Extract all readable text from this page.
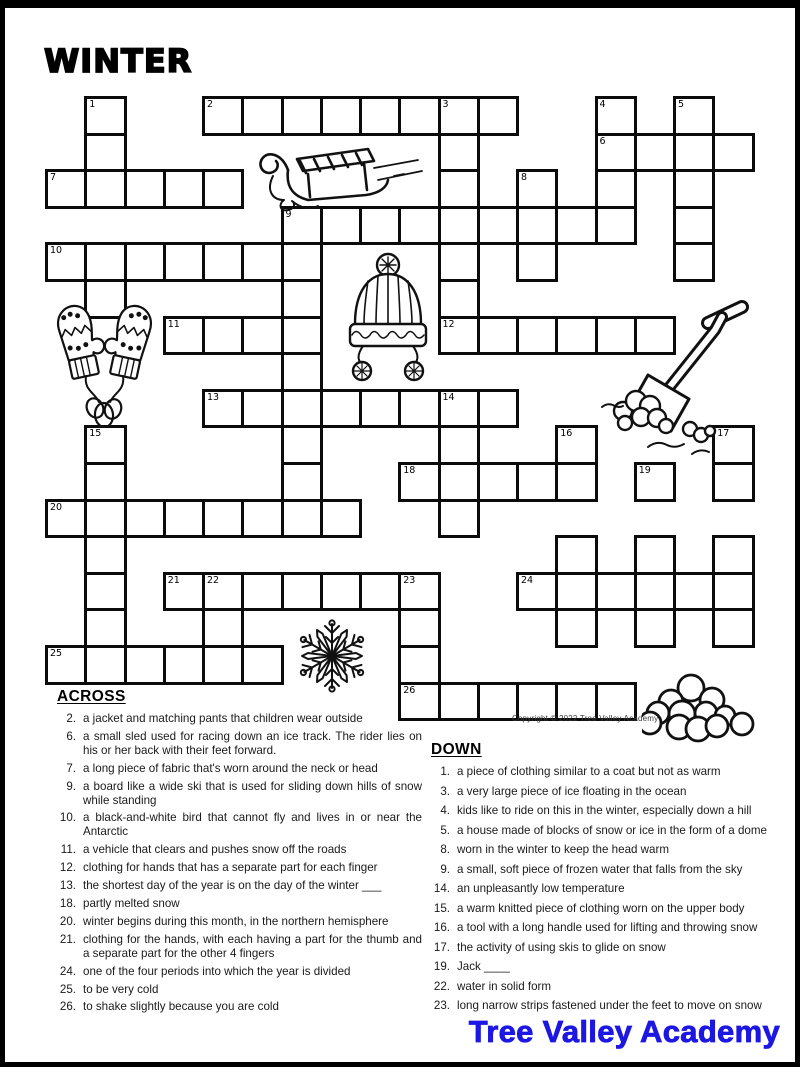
WINTER
1	2	3	4	5
6
7	8
9
10
11	12
13	14
15	16	17
18	19
20
21	22	23	24
25
26
ACROSS
2. a jacket and matching pants that children wear outside
6. a small sled used for racing down an ice track. The rider lies on his or her back with their feet forward.
7. a long piece of fabric that's worn around the neck or head
9. a board like a wide ski that is used for sliding down hills of snow while standing
10. a black-and-white bird that cannot fly and lives in or near the Antarctic
11. a vehicle that clears and pushes snow off the roads
12. clothing for hands that has a separate part for each finger
13. the shortest day of the year is on the day of the winter ___
18. partly melted snow
20. winter begins during this month, in the northern hemisphere
21. clothing for the hands, with each having a part for the thumb and a separate part for the other 4 fingers
24. one of the four periods into which the year is divided
25. to be very cold
26. to shake slightly because you are cold
DOWN
1. a piece of clothing similar to a coat but not as warm
3. a very large piece of ice floating in the ocean
4. kids like to ride on this in the winter, especially down a hill
5. a house made of blocks of snow or ice in the form of a dome
8. worn in the winter to keep the head warm
9. a small, soft piece of frozen water that falls from the sky
14. an unpleasantly low temperature
15. a warm knitted piece of clothing worn on the upper body
16. a tool with a long handle used for lifting and throwing snow
17. the activity of using skis to glide on snow
19. Jack ____
22. water in solid form
23. long narrow strips fastened under the feet to move on snow
Copyright © 2022 Tree Valley Academy
Tree Valley Academy
